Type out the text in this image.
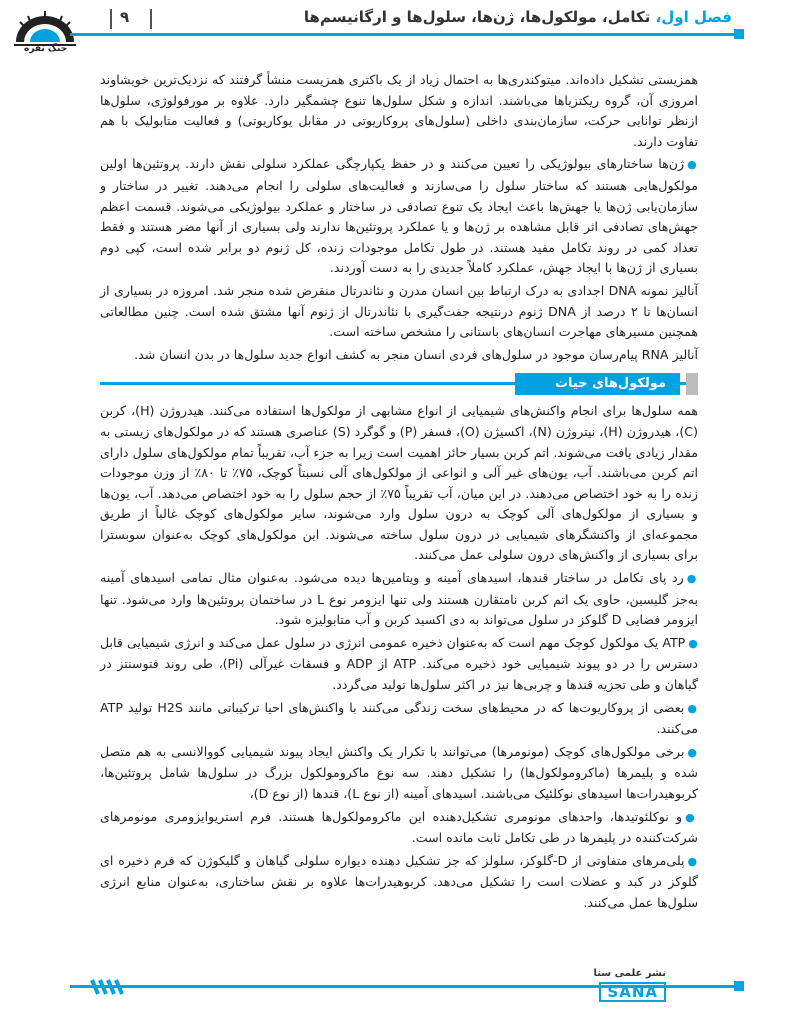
جنگ نقره
فصل اول، تکامل، مولکول‌ها، ژن‌ها، سلول‌ها و ارگانیسم‌ها
۹

همزیستی تشکیل داده‌اند. میتوکندری‌ها به احتمال زیاد از یک باکتری همزیست منشأ گرفتند که نزدیک‌ترین خویشاوند امروزی آن، گروه ریکتزیاها می‌باشند. اندازه و شکل سلول‌ها تنوع چشمگیر دارد. علاوه بر مورفولوژی، سلول‌ها ازنظر توانایی حرکت، سازمان‌بندی داخلی (سلول‌های پروکاریوتی در مقابل یوکاریوتی) و فعالیت متابولیک با هم تفاوت دارند.

●ژن‌ها ساختارهای بیولوژیکی را تعیین می‌کنند و در حفظ یکپارچگی عملکرد سلولی نقش دارند. پروتئین‌ها اولین مولکول‌هایی هستند که ساختار سلول را می‌سازند و فعالیت‌های سلولی را انجام می‌دهند. تغییر در ساختار و سازمان‌یابی ژن‌ها یا جهش‌ها باعث ایجاد یک تنوع تصادفی در ساختار و عملکرد بیولوژیکی می‌شوند. قسمت اعظم جهش‌های تصادفی اثر قابل مشاهده بر ژن‌ها و یا عملکرد پروتئین‌ها ندارند ولی بسیاری از آنها مضر هستند و فقط تعداد کمی در روند تکامل مفید هستند. در طول تکامل موجودات زنده، کل ژنوم دو برابر شده است، کپی دوم بسیاری از ژن‌ها با ایجاد جهش، عملکرد کاملاً جدیدی را به دست آوردند.

آنالیز نمونه DNA اجدادی به درک ارتباط بین انسان مدرن و نئاندرتال منقرض شده منجر شد. امروزه در بسیاری از انسان‌ها تا ۲ درصد از DNA ژنوم درنتیجه جفت‌گیری با نئاندرتال از ژنوم آنها مشتق شده است. چنین مطالعاتی همچنین مسیرهای مهاجرت انسان‌های باستانی را مشخص ساخته است.

آنالیز RNA پیام‌رسان موجود در سلول‌های فردی انسان منجر به کشف انواع جدید سلول‌ها در بدن انسان شد.

مولکول‌های حیات

همه سلول‌ها برای انجام واکنش‌های شیمیایی از انواع مشابهی از مولکول‌ها استفاده می‌کنند. هیدروژن (H)، کربن (C)، هیدروژن (H)، نیتروژن (N)، اکسیژن (O)، فسفر (P) و گوگرد (S) عناصری هستند که در مولکول‌های زیستی به مقدار زیادی یافت می‌شوند. اتم کربن بسیار حائز اهمیت است زیرا به جزء آب، تقریباً تمام مولکول‌های سلول دارای اتم کربن می‌باشند. آب، یون‌های غیر آلی و انواعی از مولکول‌های آلی نسبتاً کوچک، ۷۵٪ تا ۸۰٪ از وزن موجودات زنده را به خود اختصاص می‌دهند. در این میان، آب تقریباً ۷۵٪ از حجم سلول را به خود اختصاص می‌دهد. آب، یون‌ها و بسیاری از مولکول‌های آلی کوچک به درون سلول وارد می‌شوند، سایر مولکول‌های کوچک غالباً از طریق مجموعه‌ای از واکنشگرهای شیمیایی در درون سلول ساخته می‌شوند. این مولکول‌های کوچک به‌عنوان سوبسترا برای بسیاری از واکنش‌های درون سلولی عمل می‌کنند.

●رد پای تکامل در ساختار قندها، اسیدهای آمینه و ویتامین‌ها دیده می‌شود. به‌عنوان مثال تمامی اسیدهای آمینه به‌جز گلیسین، حاوی یک اتم کربن نامتقارن هستند ولی تنها ایزومر نوع L در ساختمان پروتئین‌ها وارد می‌شود. تنها ایزومر فضایی D گلوکز در سلول می‌تواند به دی اکسید کربن و آب متابولیزه شود.

●ATP یک مولکول کوچک مهم است که به‌عنوان ذخیره عمومی انرژی در سلول عمل می‌کند و انرژی شیمیایی قابل دسترس را در دو پیوند شیمیایی خود ذخیره می‌کند. ATP از ADP و فسفات غیرآلی (Pi)، طی روند فتوسنتز در گیاهان و طی تجزیه قندها و چربی‌ها نیز در اکثر سلول‌ها تولید می‌گردد.

●بعضی از پروکاریوت‌ها که در محیط‌های سخت زندگی می‌کنند با واکنش‌های احیا ترکیباتی مانند H2S تولید ATP می‌کنند.

●برخی مولکول‌های کوچک (مونومرها) می‌توانند با تکرار یک واکنش ایجاد پیوند شیمیایی کووالانسی به هم متصل شده و پلیمرها (ماکرومولکول‌ها) را تشکیل دهند. سه نوع ماکرومولکول بزرگ در سلول‌ها شامل پروتئین‌ها، کربوهیدرات‌ها اسیدهای نوکلئیک می‌باشند. اسیدهای آمینه (از نوع L)، قندها (از نوع D)،

●و نوکلئوتیدها، واحدهای مونومری تشکیل‌دهنده این ماکرومولکول‌ها هستند. فرم استریوایزومری مونومرهای شرکت‌کننده در پلیمرها در طی تکامل ثابت مانده است.

●پلی‌مرهای متفاوتی از D-گلوکز، سلولز که جز تشکیل دهنده دیواره سلولی گیاهان و گلیکوژن که فرم ذخیره ای گلوکز در کبد و عضلات است را تشکیل می‌دهد. کربوهیدرات‌ها علاوه بر نقش ساختاری، به‌عنوان منابع انرژی سلول‌ها عمل می‌کنند.

نشر علمی سنا
SANA
